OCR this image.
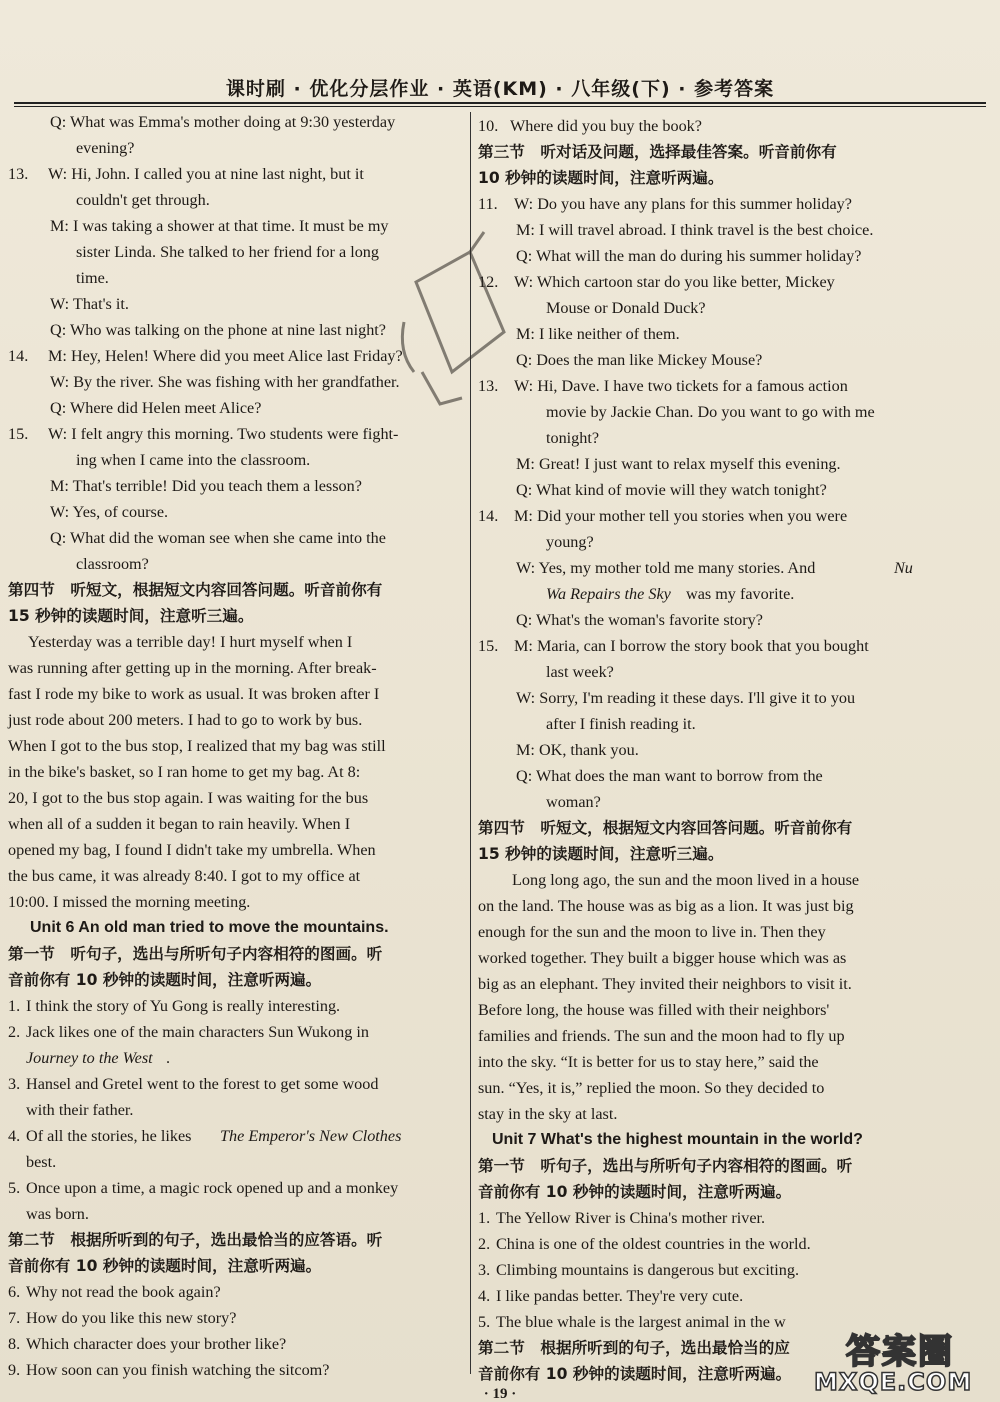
课时刷 · 优化分层作业 · 英语(KM) · 八年级(下) · 参考答案
Q: What was Emma's mother doing at 9:30 yesterday
evening?
13. W: Hi, John. I called you at nine last night, but it
couldn't get through.
M: I was taking a shower at that time. It must be my
sister Linda. She talked to her friend for a long
time.
W: That's it.
Q: Who was talking on the phone at nine last night?
14. M: Hey, Helen! Where did you meet Alice last Friday?
W: By the river. She was fishing with her grandfather.
Q: Where did Helen meet Alice?
15. W: I felt angry this morning. Two students were fight-
ing when I came into the classroom.
M: That's terrible! Did you teach them a lesson?
W: Yes, of course.
Q: What did the woman see when she came into the
classroom?
第四节　听短文，根据短文内容回答问题。听音前你有
15 秒钟的读题时间，注意听三遍。
Yesterday was a terrible day! I hurt myself when I
was running after getting up in the morning. After break-
fast I rode my bike to work as usual. It was broken after I
just rode about 200 meters. I had to go to work by bus.
When I got to the bus stop, I realized that my bag was still
in the bike's basket, so I ran home to get my bag. At 8:
20, I got to the bus stop again. I was waiting for the bus
when all of a sudden it began to rain heavily. When I
opened my bag, I found I didn't take my umbrella. When
the bus came, it was already 8:40. I got to my office at
10:00. I missed the morning meeting.
Unit 6 An old man tried to move the mountains.
第一节　听句子，选出与所听句子内容相符的图画。听
音前你有 10 秒钟的读题时间，注意听两遍。
1. I think the story of Yu Gong is really interesting.
2. Jack likes one of the main characters Sun Wukong in
Journey to the West .
3. Hansel and Gretel went to the forest to get some wood
with their father.
4. Of all the stories, he likes The Emperor's New Clothes
best.
5. Once upon a time, a magic rock opened up and a monkey
was born.
第二节　根据所听到的句子，选出最恰当的应答语。听
音前你有 10 秒钟的读题时间，注意听两遍。
6. Why not read the book again?
7. How do you like this new story?
8. Which character does your brother like?
9. How soon can you finish watching the sitcom?
10. Where did you buy the book?
第三节　听对话及问题，选择最佳答案。听音前你有
10 秒钟的读题时间，注意听两遍。
11. W: Do you have any plans for this summer holiday?
M: I will travel abroad. I think travel is the best choice.
Q: What will the man do during his summer holiday?
12. W: Which cartoon star do you like better, Mickey
Mouse or Donald Duck?
M: I like neither of them.
Q: Does the man like Mickey Mouse?
13. W: Hi, Dave. I have two tickets for a famous action
movie by Jackie Chan. Do you want to go with me
tonight?
M: Great! I just want to relax myself this evening.
Q: What kind of movie will they watch tonight?
14. M: Did your mother tell you stories when you were
young?
W: Yes, my mother told me many stories. And	Nu
Wa Repairs the Sky was my favorite.
Q: What's the woman's favorite story?
15. M: Maria, can I borrow the story book that you bought
last week?
W: Sorry, I'm reading it these days. I'll give it to you
after I finish reading it.
M: OK, thank you.
Q: What does the man want to borrow from the
woman?
第四节　听短文，根据短文内容回答问题。听音前你有
15 秒钟的读题时间，注意听三遍。
Long long ago, the sun and the moon lived in a house
on the land. The house was as big as a lion. It was just big
enough for the sun and the moon to live in. Then they
worked together. They built a bigger house which was as
big as an elephant. They invited their neighbors to visit it.
Before long, the house was filled with their neighbors'
families and friends. The sun and the moon had to fly up
into the sky. “It is better for us to stay here,” said the
sun. “Yes, it is,” replied the moon. So they decided to
stay in the sky at last.
Unit 7 What's the highest mountain in the world?
第一节　听句子，选出与所听句子内容相符的图画。听
音前你有 10 秒钟的读题时间，注意听两遍。
1. The Yellow River is China's mother river.
2. China is one of the oldest countries in the world.
3. Climbing mountains is dangerous but exciting.
4. I like pandas better. They're very cute.
5. The blue whale is the largest animal in the w
第二节　根据所听到的句子，选出最恰当的应
音前你有 10 秒钟的读题时间，注意听两遍。
答案圈
MXQE.COM
· 19 ·
